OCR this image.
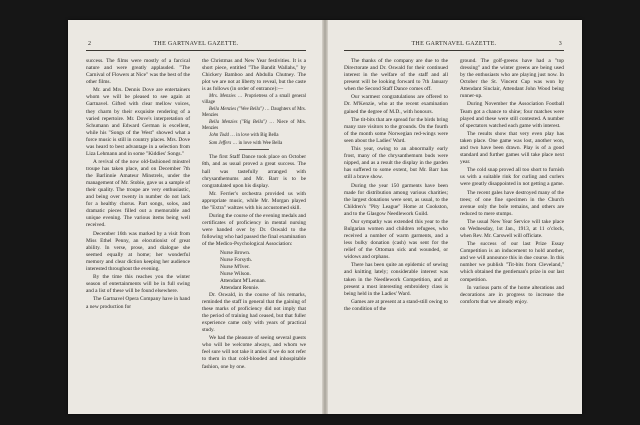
2	THE GARTNAVEL GAZETTE.

success. The films were mostly of a farcical nature and were greatly applauded. "The Carnival of Flowers at Nice" was the best of the other films.

Mr. and Mrs. Dennis Dove are entertainers whom we will be pleased to see again at Gartnavel. Gifted with clear mellow voices, they charm by their exquisite rendering of a varied repertoire. Mr. Dove's interpretation of Schumann and Edward German is excellent, while his "Songs of the West" showed what a force music is still in country places. Mrs. Dove was heard to best advantage in a selection from Liza Lehmann and in some "Kiddies' Songs."

A revival of the now old-fashioned minstrel troupe has taken place, and on December 7th the Barlinnie Amateur Minstrels, under the management of Mr. Stobie, gave us a sample of their quality. The troupe are very enthusiastic, and being over twenty in number do not lack for a healthy chorus. Part songs, solos, and dramatic pieces filled out a memorable and unique evening. The various items being well received.

December 16th was marked by a visit from Miss Ethel Penny, an elocutionist of great ability. In verse, prose, and dialogue she seemed equally at home; her wonderful memory and clear diction keeping her audience interested throughout the evening.

By the time this reaches you the winter season of entertainments will be in full swing and a list of these will be found elsewhere.

The Gartnavel Opera Company have in hand a new production for

the Christmas and New Year festivities. It is a short piece, entitled "The Bandit Wallahs," by Chickery Bamboo and Abdulla Chutney. The plot we are not at liberty to reveal, but the caste is as follows (in order of entrance):—

Mrs. Menzies … Proprietress of a small general village

Bella Menzies ("Wee Bella") … Daughters of Mrs. Menzies

Bella Menzies ("Big Bella") … Niece of Mrs. Menzies

John Todd … in love with Big Bella

Sam Jeffers … in love with Wee Bella

The first Staff Dance took place on October 8th, and as usual proved a great success. The hall was tastefully arranged with chrysanthemums and Mr. Barr is to be congratulated upon his display.

Mr. Ferrier's orchestra provided us with appropriate music, while Mr. Morgan played the "Extra" waltzes with his accustomed skill.

During the course of the evening medals and certificates of proficiency in mental nursing were handed over by Dr. Oswald to the following who had passed the final examination of the Medico-Psychological Association:

Nurse Brown.

Nurse Forsyth.

Nurse M'Iver.

Nurse Wilson.

Attendant M'Lennan.

Attendant Rennie.

Dr. Oswald, in the course of his remarks, reminded the staff in general that the gaining of these marks of proficiency did not imply that the period of training had ceased, but that fuller experience came only with years of practical study.

We had the pleasure of seeing several guests who will be welcome always, and whom we feel sure will not take it amiss if we do not refer to them in that cold-blooded and inhospitable fashion, one by one.

THE GARTNAVEL GAZETTE.	3

The thanks of the company are due to the Directorate and Dr. Oswald for their continued interest in the welfare of the staff and all present will be looking forward to 7th January when the Second Staff Dance comes off.

Our warmest congratulations are offered to Dr. M'Kenzie, who at the recent examination gained the degree of M.D., with honours.

The tit-bits that are spread for the birds bring many rare visitors to the grounds. On the fourth of the month some Norwegian red-wings were seen about the Ladies' Ward.

This year, owing to an abnormally early frost, many of the chrysanthemum buds were nipped, and as a result the display in the garden has suffered to some extent, but Mr. Barr has still a brave show.

During the year 150 garments have been made for distribution among various charities; the largest donations were sent, as usual, to the Children's "Pity League" Home at Cookston, and to the Glasgow Needlework Guild.

Our sympathy was extended this year to the Bulgarian women and children refugees, who received a number of warm garments, and a less bulky donation (cash) was sent for the relief of the Ottoman sick and wounded, or widows and orphans.

There has been quite an epidemic of sewing and knitting lately; considerable interest was taken in the Needlework Competition, and at present a most interesting embroidery class is being held in the Ladies' Ward.

Games are at present at a stand-still owing to the condition of the

ground. The golf-greens have had a "top dressing" and the winter greens are being used by the enthusiasts who are playing just now. In October the St. Vincent Cup was won by Attendant Sinclair, Attendant John Wood being runner-up.

During November the Association Football Team got a chance to shine; four matches were played and these were still contested. A number of spectators watched each game with interest.

The results show that very even play has taken place. One game was lost, another won, and two have been drawn. Play is of a good standard and further games will take place next year.

The cold snap proved all too short to furnish us with a suitable rink for curling and curlers were greatly disappointed in not getting a game.

The recent gales have destroyed many of the trees; of one fine specimen in the Church avenue only the bole remains, and others are reduced to mere stumps.

The usual New Year Service will take place on Wednesday, 1st Jan., 1913, at 11 o'clock, when Rev. Mr. Carswell will officiate.

The success of our last Prize Essay Competition is an inducement to hold another, and we will announce this in due course. In this number we publish "Tit-bits from Cleveland," which obtained the gentleman's prize in our last competition.

In various parts of the home alterations and decorations are in progress to increase the comforts that we already enjoy.
